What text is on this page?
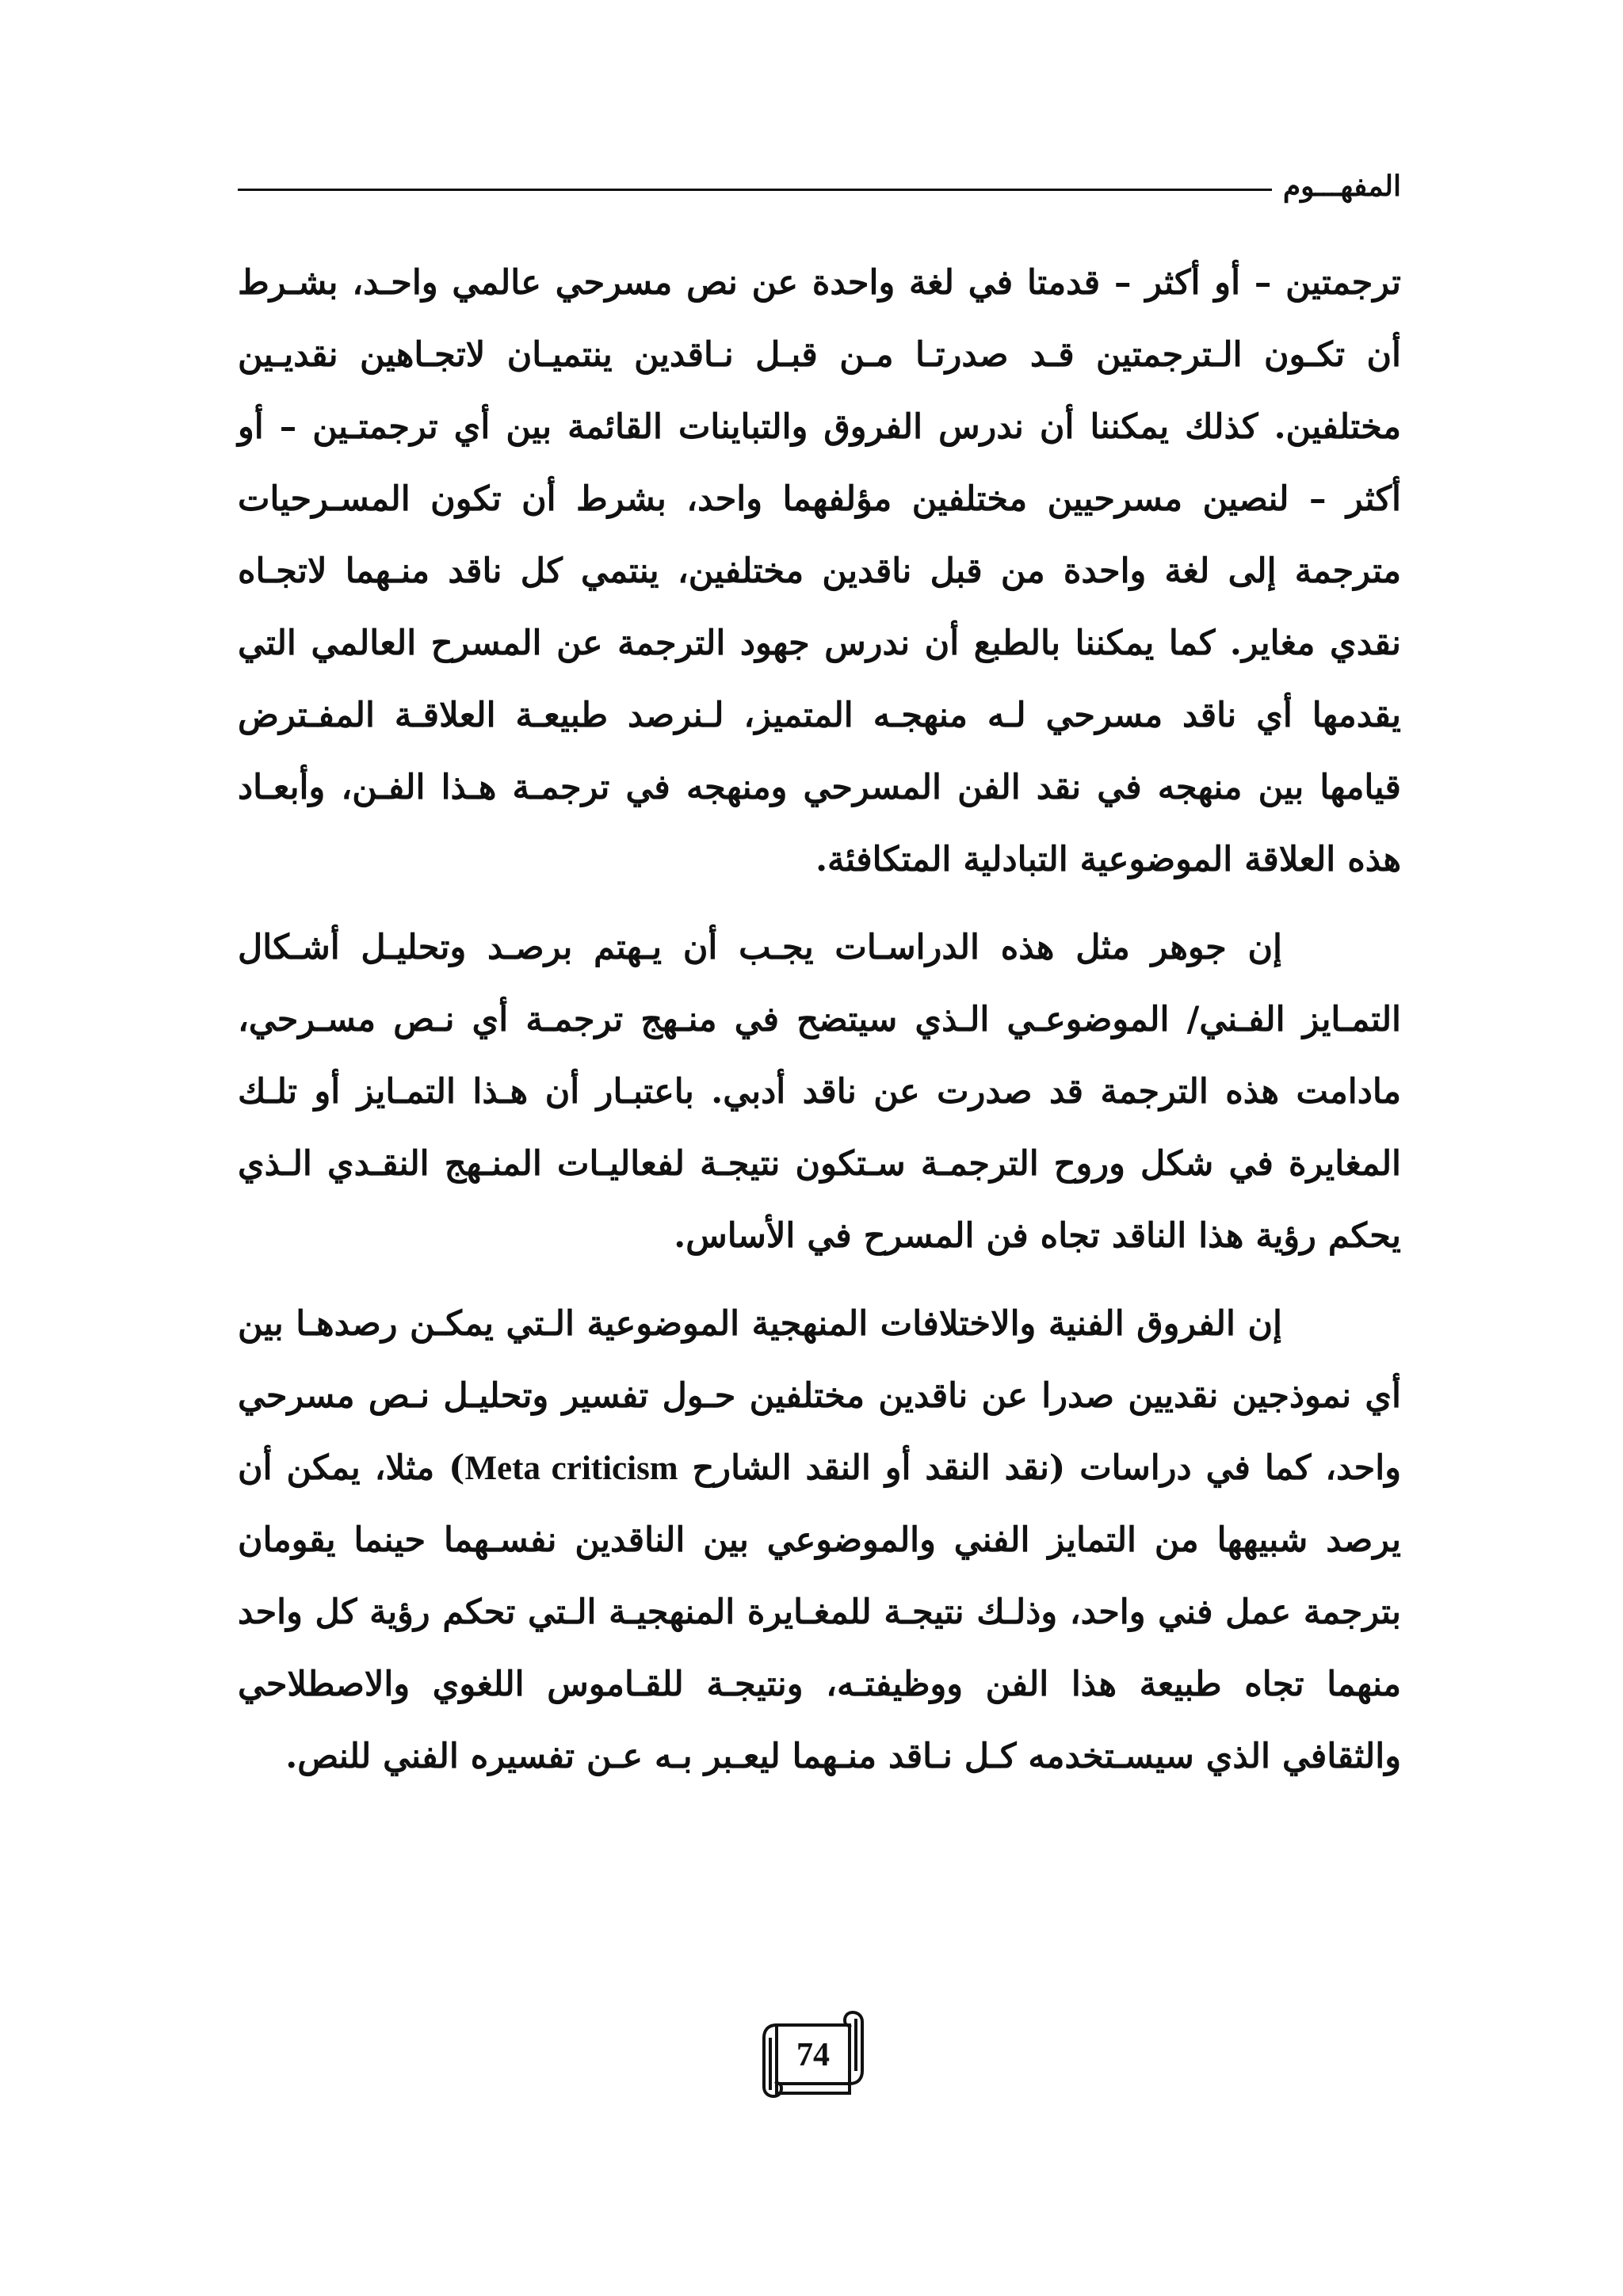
المفهـــوم

ترجمتين – أو أكثر – قدمتا في لغة واحدة عن نص مسرحي عالمي واحـد، بشـرط أن تكـون الـترجمتين قـد صدرتـا مـن قبـل نـاقدين ينتميـان لاتجـاهين نقديـين مختلفين. كذلك يمكننا أن ندرس الفروق والتباينات القائمة بين أي ترجمتـين – أو أكثر – لنصين مسرحيين مختلفين مؤلفهما واحد، بشرط أن تكون المسـرحيات مترجمة إلى لغة واحدة من قبل ناقدين مختلفين، ينتمي كل ناقد منـهما لاتجـاه نقدي مغاير. كما يمكننا بالطبع أن ندرس جهود الترجمة عن المسرح العالمي التي يقدمها أي ناقد مسرحي لـه منهجـه المتميز، لـنرصد طبيعـة العلاقـة المفـترض قيامها بين منهجه في نقد الفن المسرحي ومنهجه في ترجمـة هـذا الفـن، وأبعـاد هذه العلاقة الموضوعية التبادلية المتكافئة.

إن جوهر مثل هذه الدراسـات يجـب أن يـهتم برصـد وتحليـل أشـكال التمـايز الفـني/ الموضوعـي الـذي سيتضح في منـهج ترجمـة أي نـص مسـرحي، مادامت هذه الترجمة قد صدرت عن ناقد أدبي. باعتبـار أن هـذا التمـايز أو تلـك المغايرة في شكل وروح الترجمـة سـتكون نتيجـة لفعاليـات المنـهج النقـدي الـذي يحكم رؤية هذا الناقد تجاه فن المسرح في الأساس.

إن الفروق الفنية والاختلافات المنهجية الموضوعية الـتي يمكـن رصدهـا بين أي نموذجين نقديين صدرا عن ناقدين مختلفين حـول تفسير وتحليـل نـص مسرحي واحد، كما في دراسات (نقد النقد أو النقد الشارح Meta criticism) مثلا، يمكن أن يرصد شبيهها من التمايز الفني والموضوعي بين الناقدين نفسـهما حينما يقومان بترجمة عمل فني واحد، وذلـك نتيجـة للمغـايرة المنهجيـة الـتي تحكم رؤية كل واحد منهما تجاه طبيعة هذا الفن ووظيفتـه، ونتيجـة للقـاموس اللغوي والاصطلاحي والثقافي الذي سيسـتخدمه كـل نـاقد منـهما ليعـبر بـه عـن تفسيره الفني للنص.

74
